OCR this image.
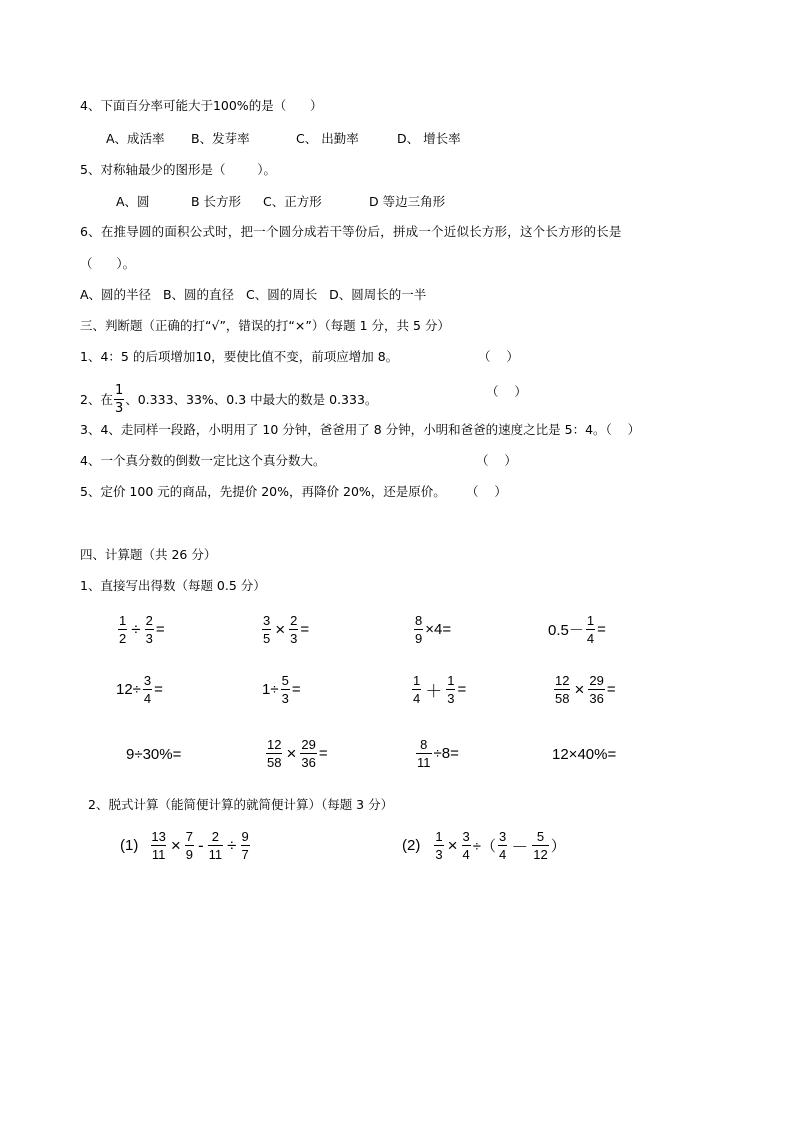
4、下面百分率可能大于100%的是（      ）
A、成活率 B、发芽率	C、 出勤率	D、 增长率
5、对称轴最少的图形是（        ）。
A、圆	B 长方形 C、正方形	D 等边三角形
6、在推导圆的面积公式时，把一个圆分成若干等份后，拼成一个近似长方形，这个长方形的长是
（      ）。
A、圆的半径   B、圆的直径   C、圆的周长   D、圆周长的一半
三、判断题（正确的打“√”，错误的打“×”）（每题 1 分，共 5 分）
1、4：5 的后项增加10，要使比值不变，前项应增加 8。	（    ）
2、在 $\frac{1}{3}$ 、0.333、33%、0.3 中最大的数是 0.333。	（    ）
3、4、走同样一段路，小明用了 10 分钟，爸爸用了 8 分钟，小明和爸爸的速度之比是 5：4。（    ）
4、一个真分数的倒数一定比这个真分数大。	（    ）
5、定价 100 元的商品，先提价 20%，再降价 20%，还是原价。 （    ）
四、计算题（共 26 分）
1、直接写出得数（每题 0.5 分）
$\frac{1}{2} \div \frac{2}{3}$ =	$\frac{3}{5} \times \frac{2}{3}$ =	$\frac{8}{9} \times 4=$	$0.5- \frac{1}{4}$ =
$12\div \frac{3}{4}$ =	$1\div \frac{5}{3}$ =	$\frac{1}{4} + \frac{1}{3}$ =	$\frac{12}{58} \times \frac{29}{36}$ =
9÷30%=	$\frac{12}{58} \times \frac{29}{36}$ =	$\frac{8}{11} \div 8=$	12×40%=
2、脱式计算（能简便计算的就简便计算）（每题 3 分）
$(1) \frac{13}{11} \times \frac{7}{9} - \frac{2}{11} \div \frac{9}{7}$	$(2) \frac{1}{3} \times \frac{3}{4}$ ÷（ $\frac{3}{4} - \frac{5}{12}$ ）
